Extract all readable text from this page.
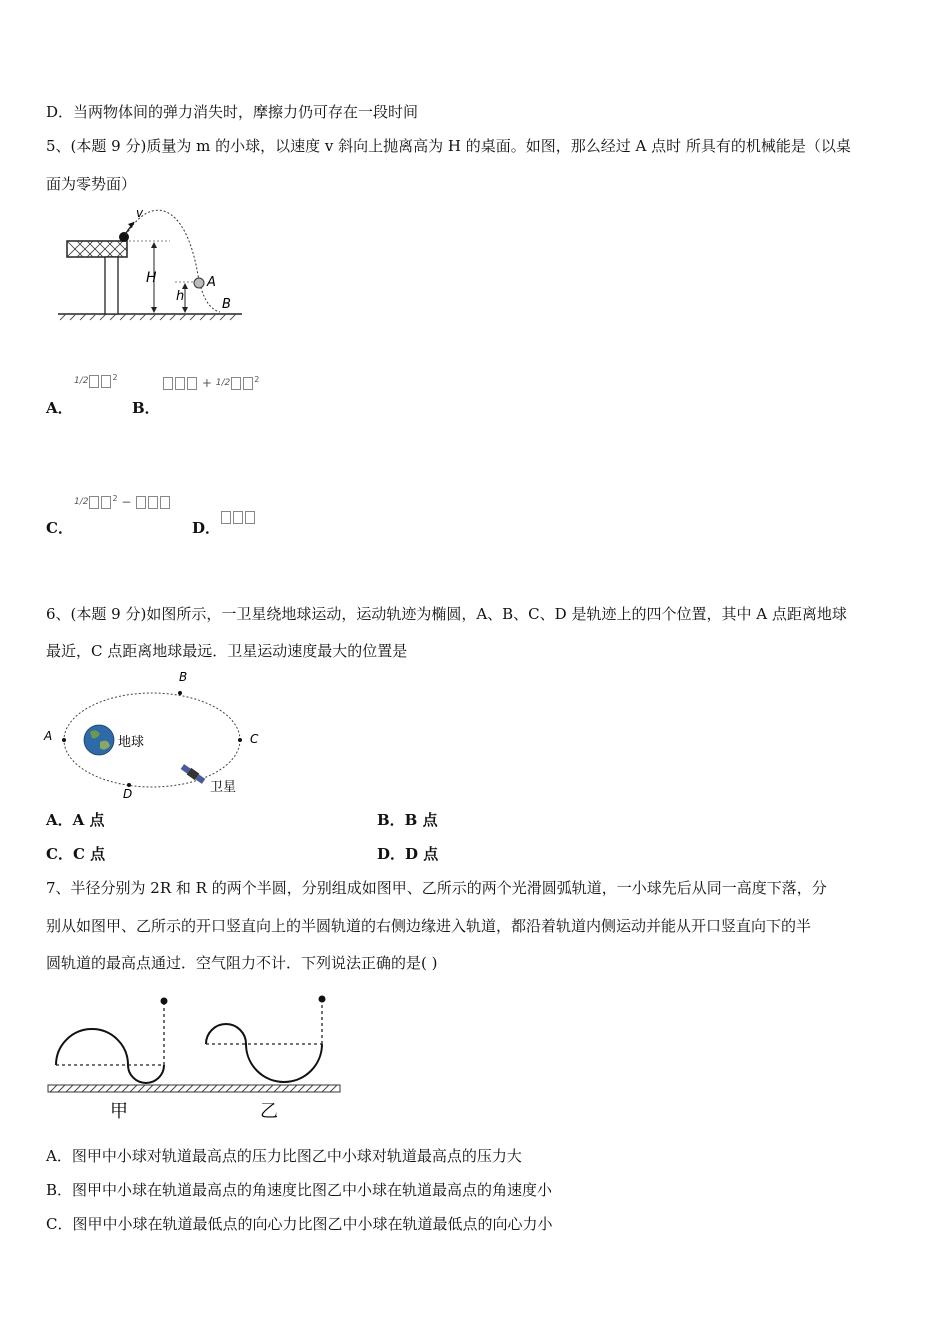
D．当两物体间的弹力消失时，摩擦力仍可存在一段时间
5、(本题 9 分)质量为 m 的小球，以速度 v 斜向上抛离高为 H 的桌面。如图，那么经过 A 点时 所具有的机械能是（以桌
面为零势面）
v
H
h
A
B
A．
1/2	$^2$
B．
+ 1/2	$^2$
C．
1/2	$^2$ −
D．
6、(本题 9 分)如图所示，一卫星绕地球运动，运动轨迹为椭圆，A、B、C、D 是轨迹上的四个位置，其中 A 点距离地球
最近，C 点距离地球最远．卫星运动速度最大的位置是
A
B
C
D
地球
卫星
A．A 点	B．B 点
C．C 点	D．D 点
7、半径分别为 2R 和 R 的两个半圆，分别组成如图甲、乙所示的两个光滑圆弧轨道，一小球先后从同一高度下落，分
别从如图甲、乙所示的开口竖直向上的半圆轨道的右侧边缘进入轨道，都沿着轨道内侧运动并能从开口竖直向下的半
圆轨道的最高点通过．空气阻力不计．下列说法正确的是( )
甲	乙
A．图甲中小球对轨道最高点的压力比图乙中小球对轨道最高点的压力大
B．图甲中小球在轨道最高点的角速度比图乙中小球在轨道最高点的角速度小
C．图甲中小球在轨道最低点的向心力比图乙中小球在轨道最低点的向心力小
